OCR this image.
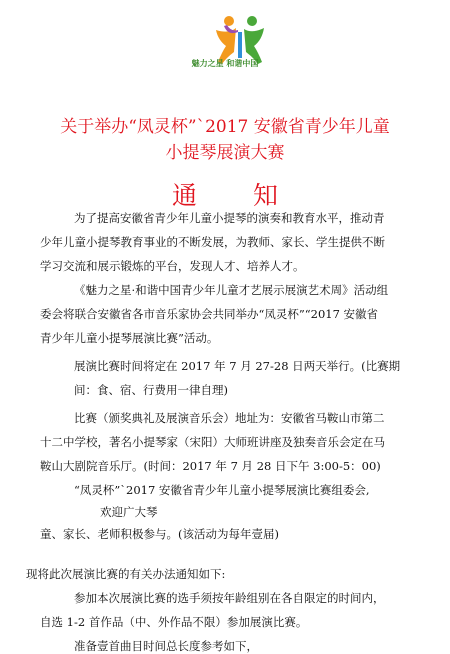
魅力之星 和谐中国
关于举办“凤灵杯”`2017 安徽省青少年儿童
小提琴展演大赛
通 知
为了提高安徽省青少年儿童小提琴的演奏和教育水平，推动青
少年儿童小提琴教育事业的不断发展，为教师、家长、学生提供不断
学习交流和展示锻炼的平台，发现人才、培养人才。
《魅力之星·和谐中国青少年儿童才艺展示展演艺术周》活动组
委会将联合安徽省各市音乐家协会共同举办“凤灵杯”“2017 安徽省
青少年儿童小提琴展演比赛”活动。
展演比赛时间将定在 2017 年 7 月 27-28 日两天举行。(比赛期
间：食、宿、行费用一律自理)
比赛（颁奖典礼及展演音乐会）地址为：安徽省马鞍山市第二
十二中学校，著名小提琴家（宋阳）大师班讲座及独奏音乐会定在马
鞍山大剧院音乐厅。(时间：2017 年 7 月 28 日下午 3:00-5：00)
“凤灵杯”`2017 安徽省青少年儿童小提琴展演比赛组委会,
欢迎广大琴
童、家长、老师积极参与。(该活动为每年壹届)
现将此次展演比赛的有关办法通知如下:
参加本次展演比赛的选手须按年龄组别在各自限定的时间内，
自选 1-2 首作品（中、外作品不限）参加展演比赛。
准备壹首曲目时间总长度参考如下，
